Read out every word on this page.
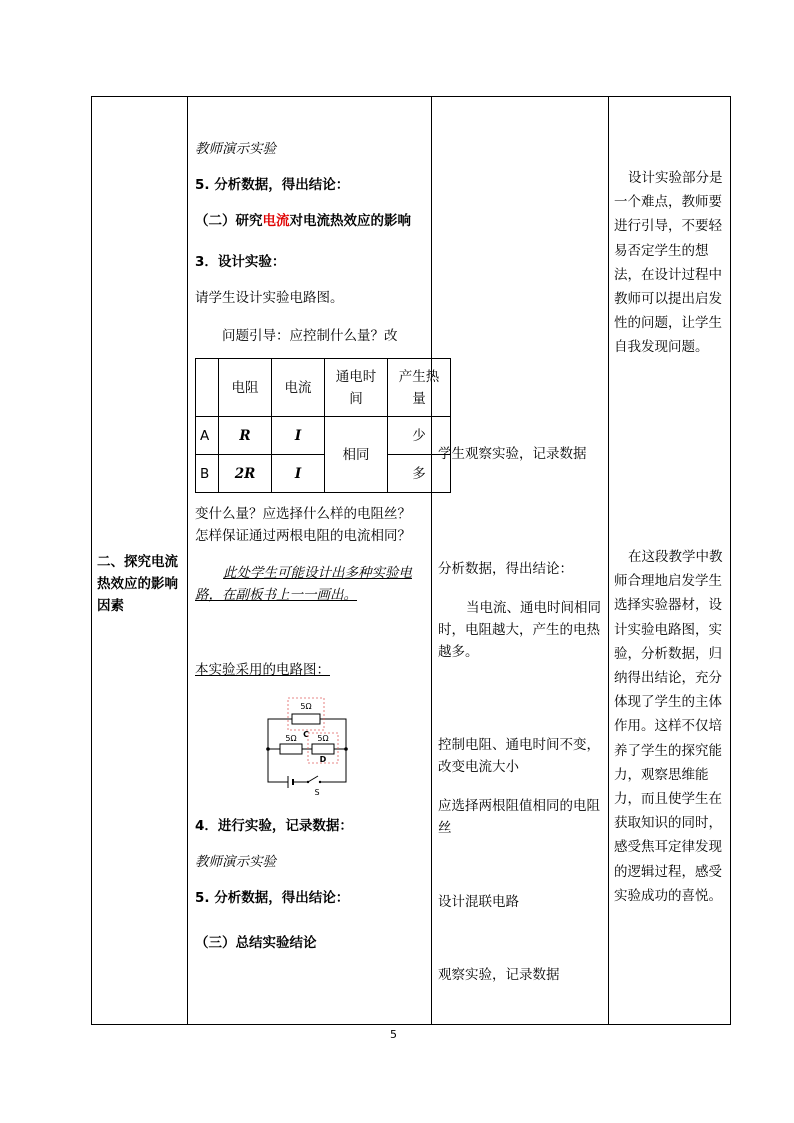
二、探究电流热效应的影响因素
教师演示实验
5. 分析数据，得出结论：
（二）研究电流对电流热效应的影响
3．设计实验：
请学生设计实验电路图。
问题引导：应控制什么量？改
	电阻	电流	通电时间	产生热量
A	R	I	相同	少
B	2R	I		多
变什么量？应选择什么样的电阻丝？
怎样保证通过两根电阻的电流相同？
此处学生可能设计出多种实验电路，在副板书上一一画出。
本实验采用的电路图：
5Ω
C
5Ω	5Ω
D
S
4．进行实验，记录数据：
教师演示实验
5. 分析数据，得出结论：
（三）总结实验结论
学生观察实验，记录数据
分析数据，得出结论：
当电流、通电时间相同时，电阻越大，产生的电热越多。
控制电阻、通电时间不变，改变电流大小
应选择两根阻值相同的电阻丝
设计混联电路
观察实验，记录数据
设计实验部分是一个难点，教师要进行引导，不要轻易否定学生的想法，在设计过程中教师可以提出启发性的问题，让学生自我发现问题。
在这段教学中教师合理地启发学生选择实验器材，设计实验电路图，实验，分析数据，归纳得出结论，充分体现了学生的主体作用。这样不仅培养了学生的探究能力，观察思维能力，而且使学生在获取知识的同时，感受焦耳定律发现的逻辑过程，感受实验成功的喜悦。
5
